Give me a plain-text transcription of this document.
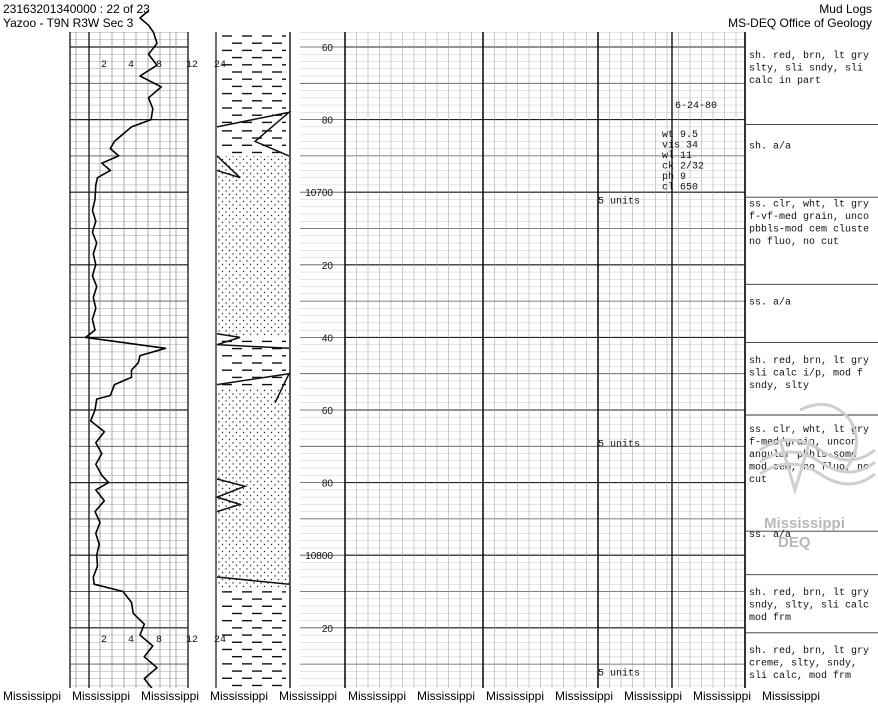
23163201340000 : 22 of 23
Yazoo - T9N R3W Sec 3
Mud Logs
MS-DEQ Office of Geology
2 4 8 12 24
2 4 8 12 24
60
80
10700
20
40
60
80
10800
20
5 units
5 units
5 units
6-24-80
wt 9.5
vis 34
wl 11
ck 2/32
ph 9
cl 650
sh. red, brn, lt gry
slty, sli sndy, sli
calc in part
sh. a/a
ss. clr, wht, lt gry
f-vf-med grain, unco
pbbls-mod cem cluste
no fluo, no cut
ss. a/a
sh. red, brn, lt gry
sli calc i/p, mod f
sndy, slty
ss. clr, wht, lt gry
f-med/grain, uncon
angular pbbls-some
mod cem, no fluo, no
cut
ss. a/a
sh. red, brn, lt gry
sndy, slty, sli calc
mod frm
sh. red, brn, lt gry
creme, slty, sndy,
sli calc, mod frm
Mississippi
DEQ
Mississippi Mississippi Mississippi Mississippi Mississippi Mississippi Mississippi Mississippi Mississippi Mississippi Mississippi Mississippi
